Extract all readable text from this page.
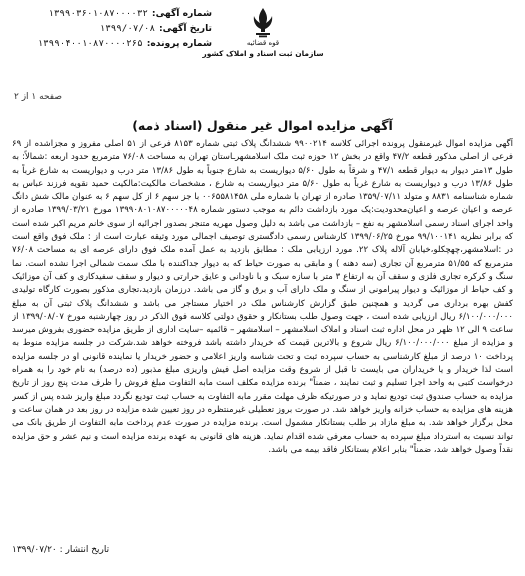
شماره آگهی:
۱۳۹۹۰۳۶۰۱۰۸۷۰۰۰۰۳۲
تاریخ آگهی:
۱۳۹۹/۰۷/۰۸
شماره پرونده:
۱۳۹۹۰۴۰۰۱۰۸۷۰۰۰۰۲۶۵	قوه قضائیه
سازمان ثبت اسناد و املاک کشور
صفحه ۱ از ۲
آگهی مزایده اموال غیر منقول (اسناد ذمه)
آگهی مزایده اموال غیرمنقول پرونده اجرائی کلاسه ۹۹۰۰۲۱۴ ششدانگ پلاک ثبتی شماره ۸۱۵۳ فرعی از ۵۱ اصلی مفروز و مجزاشده از ۶۹ فرعی از اصلی مذکور قطعه ۴۷/۲ واقع در بخش ۱۲ حوزه ثبت ملک اسلامشهرـاستان تهران به مساحت ۷۶/۰۸ مترمربع حدود اربعه :شمالاً: به طول ۱۳متر دیوار به دیوار قطعه ۴۷/۱ و شرقاً به طول ۵/۶۰ دیواریست به شارع جنوباً به طول ۱۳/۸۶ متر درب و دیواریست به شارع غرباً به طول ۱۳/۸۶ درب و دیواریست به شارع غرباً به طول ۵/۶۰ متر دیواریست به شارع ، مشخصات مالکیت:مالکیت حمید نقویه فرزند عباس به شماره شناسنامه ۸۸۳۱ و متولد ۱۳۵۹/۰۷/۱۱ صادره از تهران با شماره ملی ۰۰۶۵۵۸۱۴۵۸ با جز سهم ۶ از کل سهم ۶ به عنوان مالک شش دانگ عرصه و اعیان عرصه و اعیان‌محدودیت:یک مورد بازداشت دائم به موجب دستور شماره ۱۳۹۹۰۸۰۱۰۸۷۰۰۰۰۰۴۸ مورخ ۱۳۹۹/۰۳/۲۱ صادره از واحد اجرای اسناد رسمی اسلامشهر به نفع – بازداشت می باشد به دلیل وصول مهریه متنجر بصدور اجرائیه از سوی خانم مریم اکبر شده است که برابر نظریه ۹۹/۱۰۰۱۴۱ مورخ ۱۳۹۹/۰۶/۲۵ کارشناس رسمی دادگستری توصیف اجمالی مورد وثیقه عبارت است از : ملک فوق واقع است در :اسلامشهر،چهچکلو،خیابان آلاله پلاک ۲۲. مورد ارزیابی ملک : مطابق بازدید به عمل آمده ملک فوق دارای عرصه ای به مساحت ۷۶/۰۸ مترمربع که ۵۱/۵۵ مترمربع آن تجاری (سه دهنه ) و مابقی به صورت حیاط که به دیوار جداکننده با ملک سمت شمالی اجرا نشده است. نما سنگ و کرکره تجاری فلزی و سقف آن به ارتفاع ۳ متر با سازه سبک و با ناودانی و عایق حرارتی و دیوار و سقف سفیدکاری و کف آن موزائیک و کف حیاط از موزائیک و دیوار پیرامونی از سنگ و ملک دارای آب و برق و گاز می باشد. درزمان بازدید،تجاری مذکور بصورت کارگاه تولیدی کفش بهره برداری می گردید و همچنین طبق گزارش کارشناس ملک در اختیار مستاجر می باشد و ششدانگ پلاک ثبتی آن به مبلغ ۶/۱۰۰/۰۰۰/۰۰۰ ریال ارزیابی شده است ، جهت وصول طلب بستانکار و حقوق دولتی کلاسه فوق الذکر در روز چهارشنبه مورخ ۱۳۹۹/۰۸/۰۷ از ساعت ۹ الی ۱۲ ظهر در محل اداره ثبت اسناد و املاک اسلامشهر – اسلامشهر – قائمیه –سایت اداری از طریق مزایده حضوری بفروش میرسد و مزایده از مبلغ ۶/۱۰۰/۰۰۰/۰۰۰ ریال شروع و بالاترین قیمت که خریدار داشته باشد فروخته خواهد شد.شرکت در جلسه مزایده منوط به پرداخت ۱۰ درصد از مبلغ کارشناسی به حساب سپرده ثبت و تحت شناسه واریز اعلامی و حضور خریدار یا نماینده قانونی او در جلسه مزایده است لذا خریدار و یا خریداران می بایست تا قبل از شروع وقت مزایده اصل فیش واریزی مبلغ مذبور (ده درصد) به نام خود را به همراه درخواست کتبی به واحد اجرا تسلیم و ثبت نمایند ، ضمناً" برنده مزایده مکلف است مابه التفاوت مبلغ فروش را ظرف مدت پنج روز از تاریخ مزایده به حساب صندوق ثبت تودیع نماید و در صورتیکه ظرف مهلت مقرر مابه التفاوت به حساب ثبت تودیع نگردد مبلغ واریز شده پس از کسر هزینه های مزایده به حساب خزانه واریز خواهد شد. در صورت بروز تعطیلی غیرمنتظره در روز تعیین شده مزایده در روز بعد در همان ساعت و محل برگزار خواهد شد. به مبلغ مازاد بر طلب بستانکار مشمول است. برنده مزایده در صورت عدم پرداخت مابه التفاوت از طریق بانک می تواند نسبت به استرداد مبلغ سپرده به حساب معرفی شده اقدام نماید. هزینه های قانونی به عهده برنده مزایده است و نیم عشر و حق مزایده نقداً وصول خواهد شد، ضمناً" بنابر اعلام بستانکار فاقد بیمه می باشد.
تاریخ انتشار : ۱۳۹۹/۰۷/۲۰
